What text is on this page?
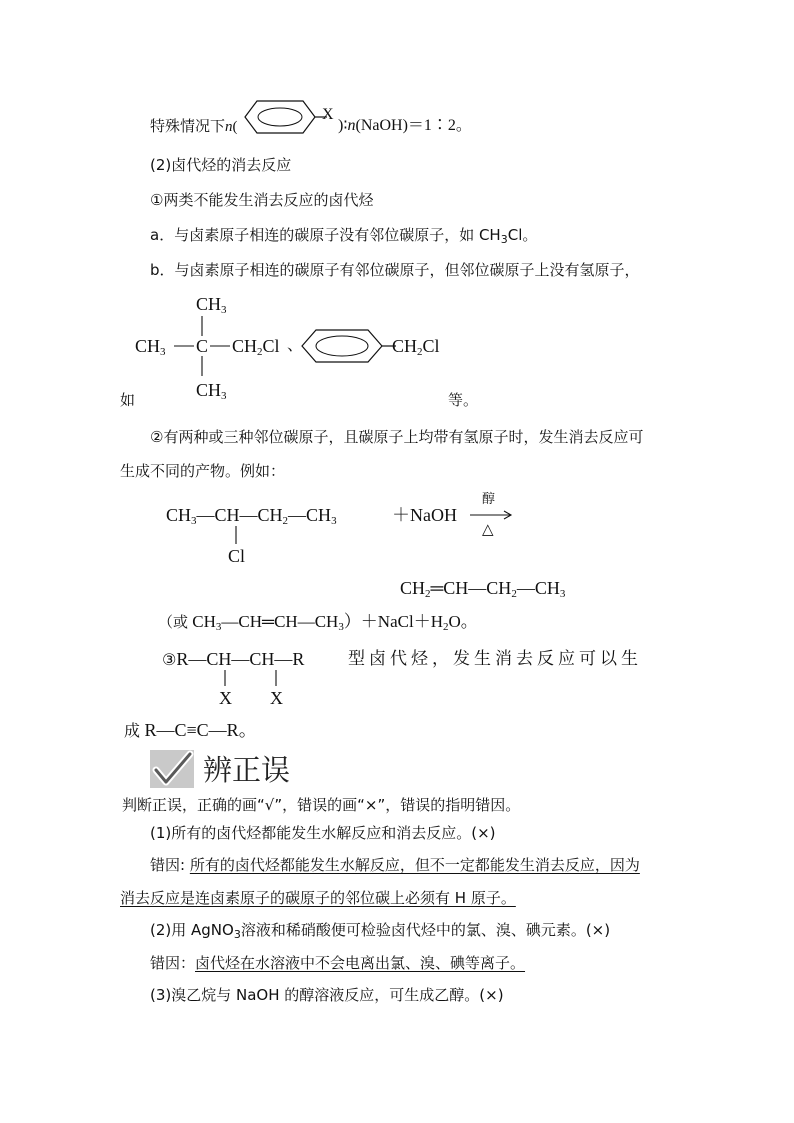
特殊情况下n(
X
)∶n(NaOH)＝1∶2。
(2)卤代烃的消去反应
①两类不能发生消去反应的卤代烃
a．与卤素原子相连的碳原子没有邻位碳原子，如 $CH_3Cl$。
b．与卤素原子相连的碳原子有邻位碳原子，但邻位碳原子上没有氢原子，
$CH_3$
$CH_3$ C $CH_2Cl$ 、
$CH_3$
$CH_2Cl$
如	等。
②有两种或三种邻位碳原子，且碳原子上均带有氢原子时，发生消去反应可
生成不同的产物。例如：
$CH_3—CH—CH_2—CH_3$	＋NaOH
醇
△
Cl
$CH_2═CH—CH_2—CH_3$
（或 $CH_3—CH═CH—CH_3)+NaCl+H_2O$。
③R—CH—CH—R	型卤代烃，发生消去反应可以生
X X
成 R—C≡C—R。
辨正误
判断正误，正确的画“√”，错误的画“×”，错误的指明错因。
(1)所有的卤代烃都能发生水解反应和消去反应。(×)
错因: 所有的卤代烃都能发生水解反应，但不一定都能发生消去反应，因为
消去反应是连卤素原子的碳原子的邻位碳上必须有 H 原子。
(2)用 AgNO$_3$溶液和稀硝酸便可检验卤代烃中的氯、溴、碘元素。(×)
错因：卤代烃在水溶液中不会电离出氯、溴、碘等离子。
(3)溴乙烷与 NaOH 的醇溶液反应，可生成乙醇。(×)
